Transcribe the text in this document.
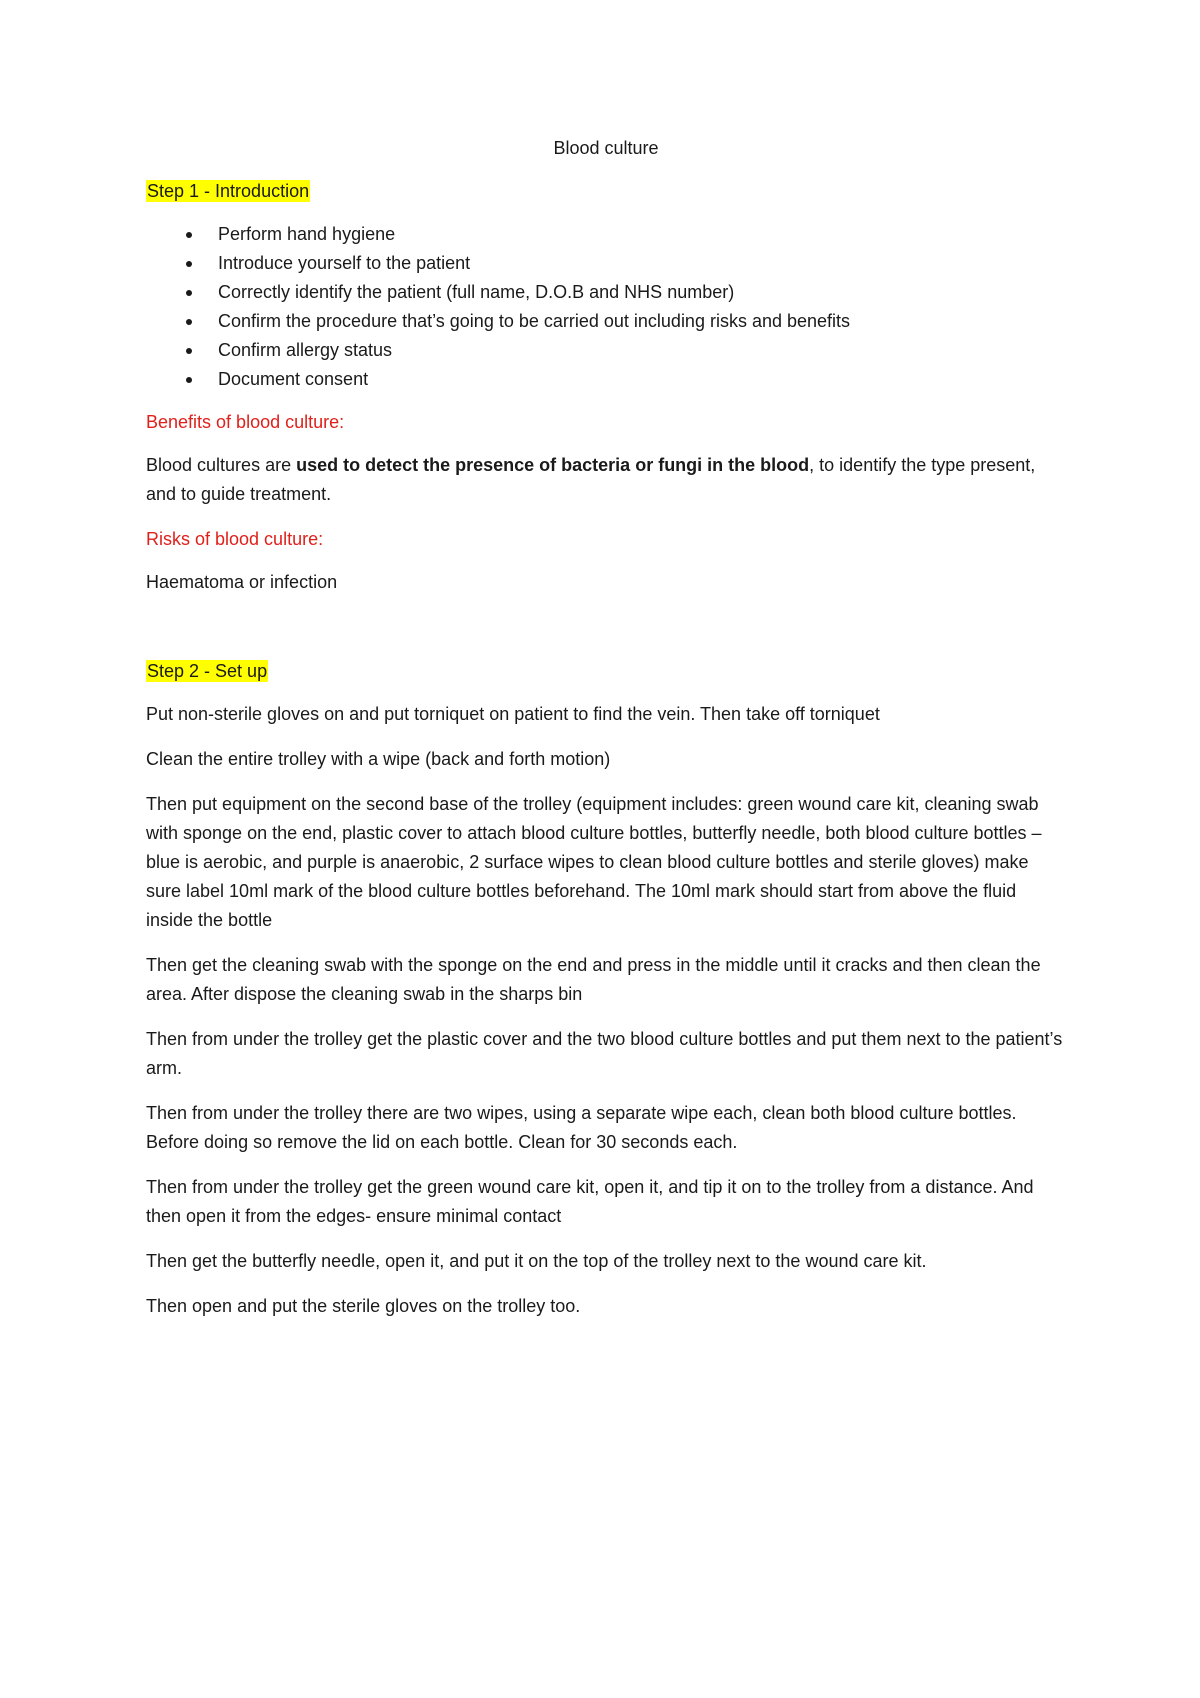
Blood culture
Step 1 - Introduction
Perform hand hygiene
Introduce yourself to the patient
Correctly identify the patient (full name, D.O.B and NHS number)
Confirm the procedure that’s going to be carried out including risks and benefits
Confirm allergy status
Document consent

Benefits of blood culture:

Blood cultures are used to detect the presence of bacteria or fungi in the blood, to identify the type present, and to guide treatment.

Risks of blood culture:

Haematoma or infection

Step 2 - Set up

Put non-sterile gloves on and put torniquet on patient to find the vein. Then take off torniquet

Clean the entire trolley with a wipe (back and forth motion)

Then put equipment on the second base of the trolley (equipment includes: green wound care kit, cleaning swab with sponge on the end, plastic cover to attach blood culture bottles, butterfly needle, both blood culture bottles – blue is aerobic, and purple is anaerobic, 2 surface wipes to clean blood culture bottles and sterile gloves) make sure label 10ml mark of the blood culture bottles beforehand. The 10ml mark should start from above the fluid inside the bottle

Then get the cleaning swab with the sponge on the end and press in the middle until it cracks and then clean the area. After dispose the cleaning swab in the sharps bin

Then from under the trolley get the plastic cover and the two blood culture bottles and put them next to the patient’s arm.

Then from under the trolley there are two wipes, using a separate wipe each, clean both blood culture bottles. Before doing so remove the lid on each bottle. Clean for 30 seconds each.

Then from under the trolley get the green wound care kit, open it, and tip it on to the trolley from a distance. And then open it from the edges- ensure minimal contact

Then get the butterfly needle, open it, and put it on the top of the trolley next to the wound care kit.

Then open and put the sterile gloves on the trolley too.
